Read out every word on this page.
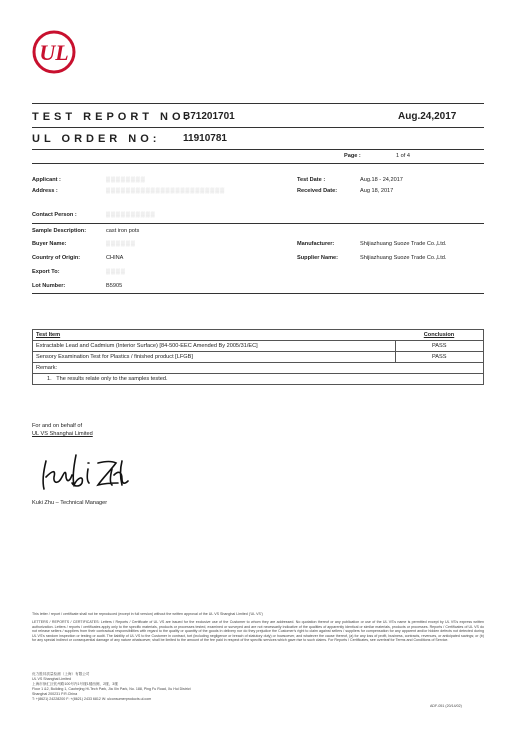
UL
TEST REPORT NO:
B71201701	Aug.24,2017
UL ORDER NO: 11910781
Page :	1 of 4
Applicant :	▒▒▒▒▒▒▒▒
Address :	▒▒▒▒▒▒▒▒▒▒▒▒▒▒▒▒▒▒▒▒▒▒▒▒
Test Date :	Aug.18 - 24,2017
Received Date:	Aug 18, 2017
Contact Person :	▒▒▒▒▒▒▒▒▒▒
Sample Description:	cast iron pots
Buyer Name:	▒▒▒▒▒▒	Manufacturer:	Shijiazhuang Suoze Trade Co.,Ltd.
Country of Origin:	CHINA	Supplier Name:	Shijiazhuang Suoze Trade Co.,Ltd.
Export To:	▒▒▒▒
Lot Number:	B5905
Test Item	Conclusion
Extractable Lead and Cadmium (Interior Surface) [84-500-EEC Amended By 2005/31/EC]	PASS
Sensory Examination Test for Plastics / finished product [LFGB]	PASS
Remark:	
1. The results relate only to the samples tested.	
For and on behalf of
UL VS Shanghai Limited
Kuki Zhu – Technical Manager
This letter / report / certificate shall not be reproduced (except in full version) without the written approval of the UL VS Shanghai Limited ('UL VS')
LETTERS / REPORTS / CERTIFICATES: Letters / Reports / Certificate of UL VS are issued for the exclusive use of the Customer to whom they are addressed. No quotation thereof or any publication or use of the UL VS's name is permitted except by UL VS's express written authorization. Letters / reports / certificates apply only to the specific materials, products or processes tested, examined or surveyed and are not necessarily indicative of the qualities of apparently identical or similar materials, products or processes. Reports / Certificates of UL VS do not release sellers / suppliers from their contractual responsibilities with regard to the quality or quantity of the goods in delivery nor do they prejudice the Customer's right to claim against sellers / suppliers for compensation for any apparent and/or hidden defects not detected during UL VS's random inspection or testing or audit. The liability of UL VS to the Customer in contract, tort (including negligence or breach of statutory duty) or howsoever, and whatever the cause thereof, (a) for any loss of profit, business, contracts, revenues, or anticipated savings; or (b) for any special indirect or consequential damage of any nature whatsoever, shall be limited to the amount of the fee paid in respect of the specific services which gave rise to such claims. For Reports / Certificates, see overleaf for Terms and Conditions of Service.
优力胜邦质量检测（上海）有限公司
UL VS Shanghai Limited
上海市徐汇区钦州路100号内1号楼1楼西侧，2楼，3楼
Floor 1 &2, Building 1, Caohejing Hi-Tech Park, Jia Xin Park, No. 188, Ping Fu Road, Xu Hui District
Shanghai 200231 P.R.China
T: +(8621) 24228200 F: +(8621) 2433 6812 W: ulconsumerproducts.ul.com
ADF-051 (20/14/02)
